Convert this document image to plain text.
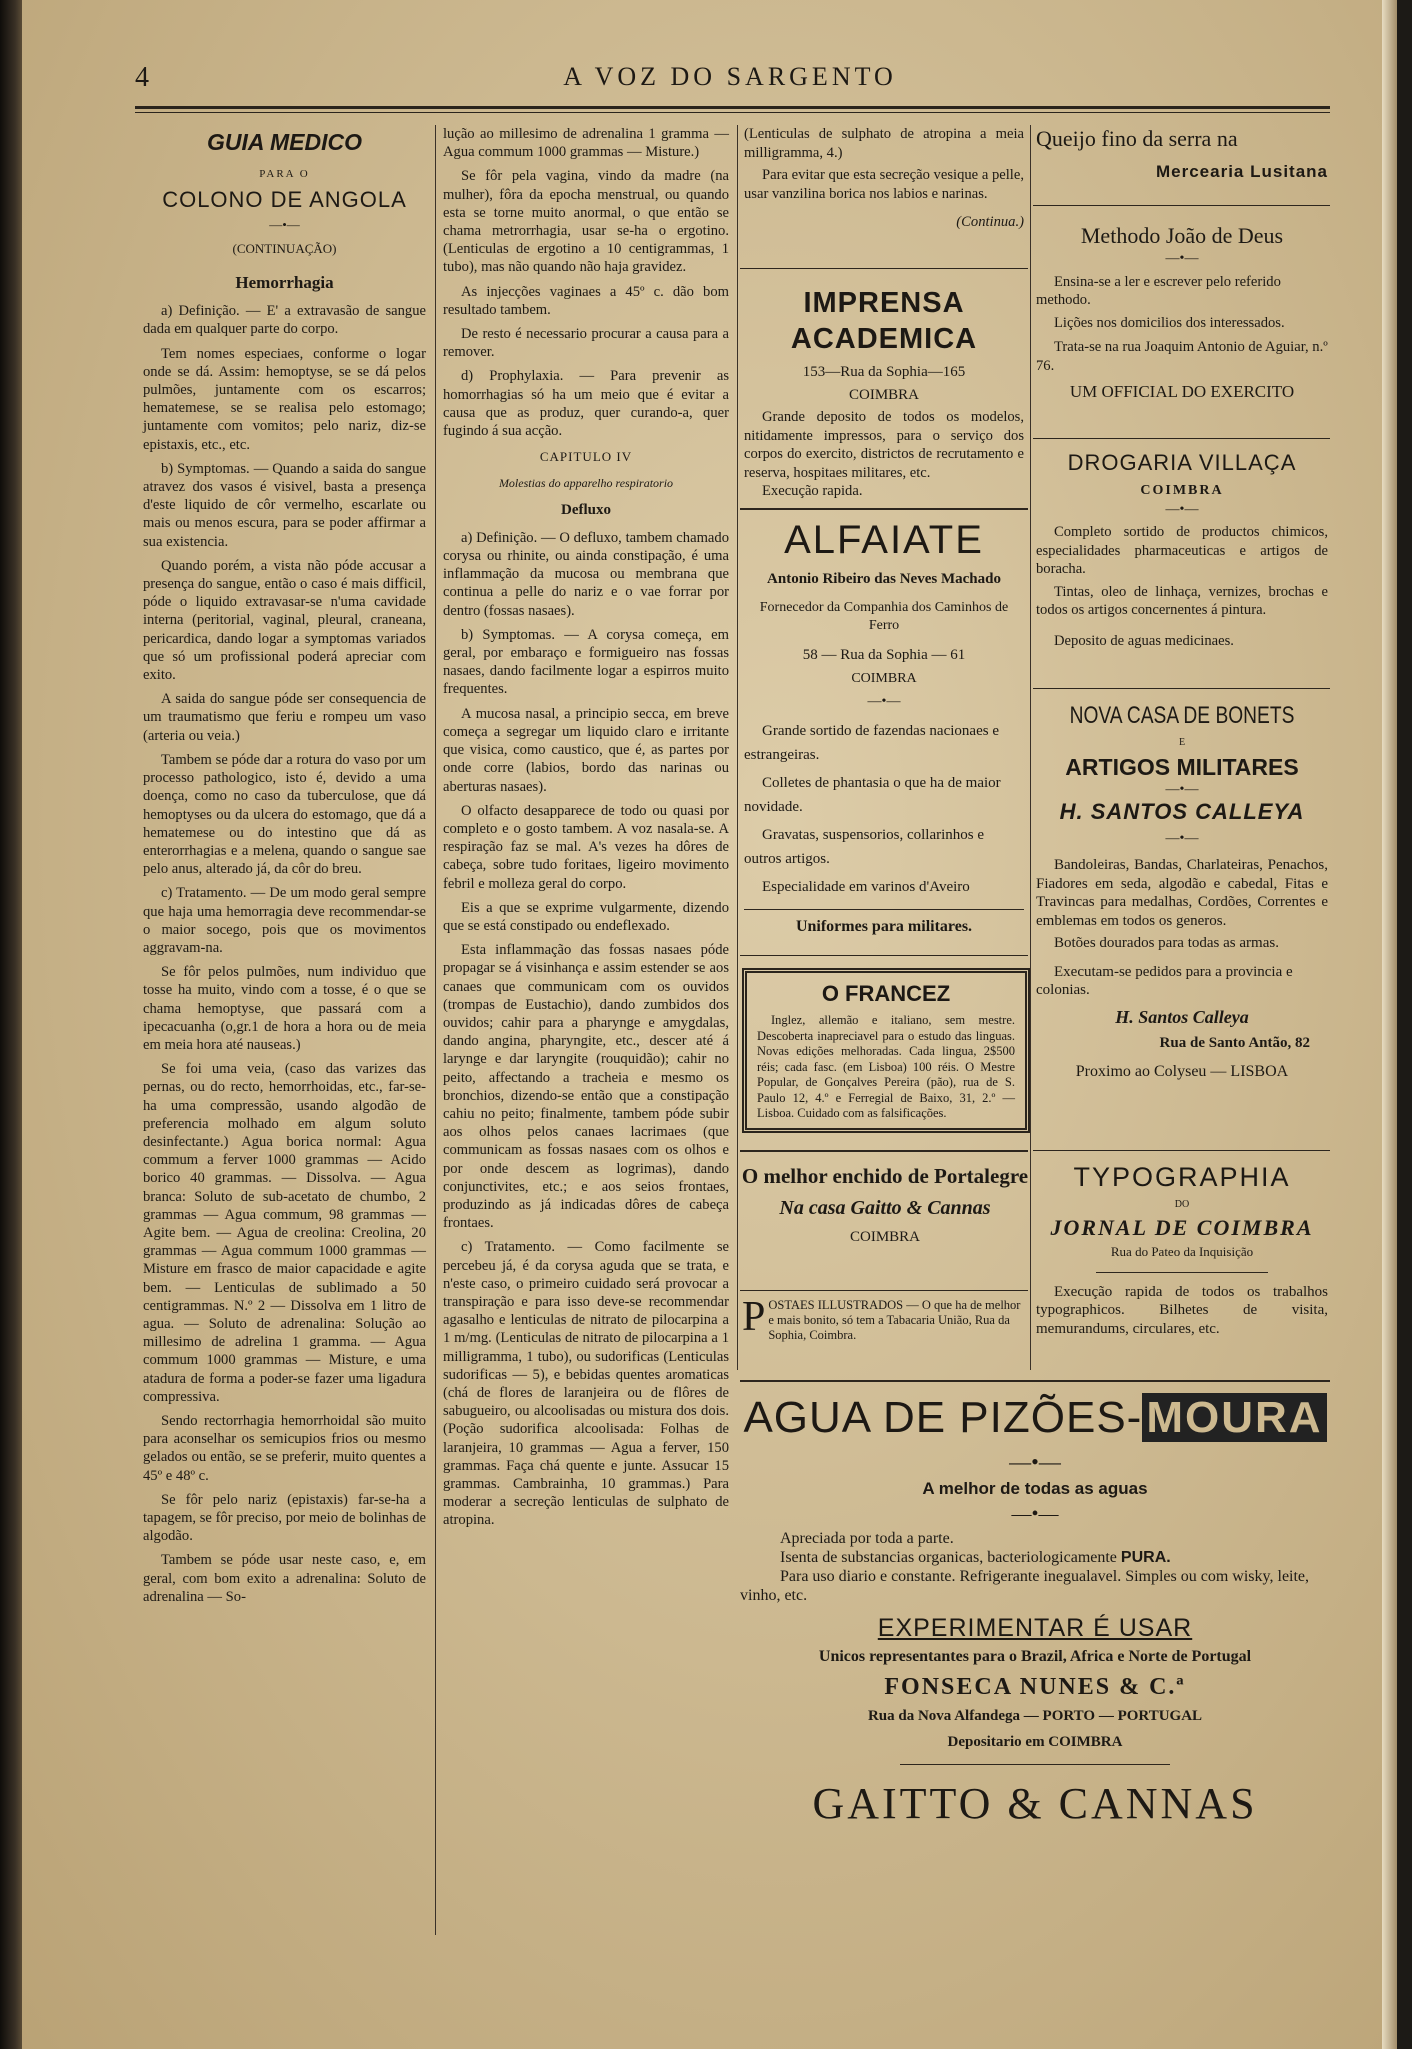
4	A VOZ DO SARGENTO
GUIA MEDICO
PARA O
COLONO DE ANGOLA
—•—
(CONTINUAÇÃO)
Hemorrhagia

a) Definição. — E' a extravasão de sangue dada em qualquer parte do corpo.

Tem nomes especiaes, conforme o logar onde se dá. Assim: hemoptyse, se se dá pelos pulmões, juntamente com os escarros; hematemese, se se realisa pelo estomago; juntamente com vomitos; pelo nariz, diz-se epistaxis, etc., etc.

b) Symptomas. — Quando a saida do sangue atravez dos vasos é visivel, basta a presença d'este liquido de côr vermelho, escarlate ou mais ou menos escura, para se poder affirmar a sua existencia.

Quando porém, a vista não póde accusar a presença do sangue, então o caso é mais difficil, póde o liquido extravasar-se n'uma cavidade interna (peritorial, vaginal, pleural, craneana, pericardica, dando logar a symptomas variados que só um profissional poderá apreciar com exito.

A saida do sangue póde ser consequencia de um traumatismo que feriu e rompeu um vaso (arteria ou veia.)

Tambem se póde dar a rotura do vaso por um processo pathologico, isto é, devido a uma doença, como no caso da tuberculose, que dá hemoptyses ou da ulcera do estomago, que dá a hematemese ou do intestino que dá as enterorrhagias e a melena, quando o sangue sae pelo anus, alterado já, da côr do breu.

c) Tratamento. — De um modo geral sempre que haja uma hemorragia deve recommendar-se o maior socego, pois que os movimentos aggravam-na.

Se fôr pelos pulmões, num individuo que tosse ha muito, vindo com a tosse, é o que se chama hemoptyse, que passará com a ipecacuanha (o,gr.1 de hora a hora ou de meia em meia hora até nauseas.)

Se foi uma veia, (caso das varizes das pernas, ou do recto, hemorrhoidas, etc., far-se-ha uma compressão, usando algodão de preferencia molhado em algum soluto desinfectante.) Agua borica normal: Agua commum a ferver 1000 grammas — Acido borico 40 grammas. — Dissolva. — Agua branca: Soluto de sub-acetato de chumbo, 2 grammas — Agua commum, 98 grammas — Agite bem. — Agua de creolina: Creolina, 20 grammas — Agua commum 1000 grammas — Misture em frasco de maior capacidade e agite bem. — Lenticulas de sublimado a 50 centigrammas. N.º 2 — Dissolva em 1 litro de agua. — Soluto de adrenalina: Solução ao millesimo de adrelina 1 gramma. — Agua commum 1000 grammas — Misture, e uma atadura de forma a poder-se fazer uma ligadura compressiva.

Sendo rectorrhagia hemorrhoidal são muito para aconselhar os semicupios frios ou mesmo gelados ou então, se se preferir, muito quentes a 45º e 48º c.

Se fôr pelo nariz (epistaxis) far-se-ha a tapagem, se fôr preciso, por meio de bolinhas de algodão.

Tambem se póde usar neste caso, e, em geral, com bom exito a adrenalina: Soluto de adrenalina — So-

lução ao millesimo de adrenalina 1 gramma — Agua commum 1000 grammas — Misture.)

Se fôr pela vagina, vindo da madre (na mulher), fôra da epocha menstrual, ou quando esta se torne muito anormal, o que então se chama metrorrhagia, usar se-ha o ergotino. (Lenticulas de ergotino a 10 centigrammas, 1 tubo), mas não quando não haja gravidez.

As injecções vaginaes a 45º c. dão bom resultado tambem.

De resto é necessario procurar a causa para a remover.

d) Prophylaxia. — Para prevenir as homorrhagias só ha um meio que é evitar a causa que as produz, quer curando-a, quer fugindo á sua acção.

CAPITULO IV
Molestias do apparelho respiratorio
Defluxo

a) Definição. — O defluxo, tambem chamado corysa ou rhinite, ou ainda constipação, é uma inflammação da mucosa ou membrana que continua a pelle do nariz e o vae forrar por dentro (fossas nasaes).

b) Symptomas. — A corysa começa, em geral, por embaraço e formigueiro nas fossas nasaes, dando facilmente logar a espirros muito frequentes.

A mucosa nasal, a principio secca, em breve começa a segregar um liquido claro e irritante que visica, como caustico, que é, as partes por onde corre (labios, bordo das narinas ou aberturas nasaes).

O olfacto desapparece de todo ou quasi por completo e o gosto tambem. A voz nasala-se. A respiração faz se mal. A's vezes ha dôres de cabeça, sobre tudo foritaes, ligeiro movimento febril e molleza geral do corpo.

Eis a que se exprime vulgarmente, dizendo que se está constipado ou endeflexado.

Esta inflammação das fossas nasaes póde propagar se á visinhança e assim estender se aos canaes que communicam com os ouvidos (trompas de Eustachio), dando zumbidos dos ouvidos; cahir para a pharynge e amygdalas, dando angina, pharyngite, etc., descer até á larynge e dar laryngite (rouquidão); cahir no peito, affectando a tracheia e mesmo os bronchios, dizendo-se então que a constipação cahiu no peito; finalmente, tambem póde subir aos olhos pelos canaes lacrimaes (que communicam as fossas nasaes com os olhos e por onde descem as logrimas), dando conjunctivites, etc.; e aos seios frontaes, produzindo as já indicadas dôres de cabeça frontaes.

c) Tratamento. — Como facilmente se percebeu já, é da corysa aguda que se trata, e n'este caso, o primeiro cuidado será provocar a transpiração e para isso deve-se recommendar agasalho e lenticulas de nitrato de pilocarpina a 1 m/mg. (Lenticulas de nitrato de pilocarpina a 1 milligramma, 1 tubo), ou sudorificas (Lenticulas sudorificas — 5), e bebidas quentes aromaticas (chá de flores de laranjeira ou de flôres de sabugueiro, ou alcoolisadas ou mistura dos dois. (Poção sudorifica alcoolisada: Folhas de laranjeira, 10 grammas — Agua a ferver, 150 grammas. Faça chá quente e junte. Assucar 15 grammas. Cambrainha, 10 grammas.) Para moderar a secreção lenticulas de sulphato de atropina.

(Lenticulas de sulphato de atropina a meia milligramma, 4.)

Para evitar que esta secreção vesique a pelle, usar vanzilina borica nos labios e narinas.

(Continua.)

IMPRENSA ACADEMICA
153—Rua da Sophia—165
COIMBRA
Grande deposito de todos os modelos, nitidamente impressos, para o serviço dos corpos do exercito, districtos de recrutamento e reserva, hospitaes militares, etc.
Execução rapida.
ALFAIATE
Antonio Ribeiro das Neves Machado
Fornecedor da Companhia dos Caminhos de Ferro
58 — Rua da Sophia — 61
COIMBRA
—•—

Grande sortido de fazendas nacionaes e estrangeiras.

Colletes de phantasia o que ha de maior novidade.

Gravatas, suspensorios, collarinhos e outros artigos.

Especialidade em varinos d'Aveiro

Uniformes para militares.
O FRANCEZ
Inglez, allemão e italiano, sem mestre. Descoberta inapreciavel para o estudo das linguas. Novas edições melhoradas. Cada lingua, 2$500 réis; cada fasc. (em Lisboa) 100 réis. O Mestre Popular, de Gonçalves Pereira (pão), rua de S. Paulo 12, 4.º e Ferregial de Baixo, 31, 2.º — Lisboa. Cuidado com as falsificações.
O melhor enchido de Portalegre
Na casa Gaitto & Cannas
COIMBRA
P OSTAES ILLUSTRADOS — O que ha de melhor e mais bonito, só tem a Tabacaria União, Rua da Sophia, Coimbra.
Queijo fino da serra na
Mercearia Lusitana
Methodo João de Deus
—•—

Ensina-se a ler e escrever pelo referido methodo.

Lições nos domicilios dos interessados.

Trata-se na rua Joaquim Antonio de Aguiar, n.º 76.

UM OFFICIAL DO EXERCITO
DROGARIA VILLAÇA
COIMBRA
—•—

Completo sortido de productos chimicos, especialidades pharmaceuticas e artigos de boracha.

Tintas, oleo de linhaça, vernizes, brochas e todos os artigos concernentes á pintura.

Deposito de aguas medicinaes.

NOVA CASA DE BONETS
E
ARTIGOS MILITARES
—•—
H. SANTOS CALLEYA
—•—

Bandoleiras, Bandas, Charlateiras, Penachos, Fiadores em seda, algodão e cabedal, Fitas e Travincas para medalhas, Cordões, Correntes e emblemas em todos os generos.

Botões dourados para todas as armas.

Executam-se pedidos para a provincia e colonias.

H. Santos Calleya
Rua de Santo Antão, 82
Proximo ao Colyseu — LISBOA
TYPOGRAPHIA
DO
JORNAL DE COIMBRA
Rua do Pateo da Inquisição

Execução rapida de todos os trabalhos typographicos. Bilhetes de visita, memurandums, circulares, etc.

AGUA DE PIZÕES-MOURA
—•—
A melhor de todas as aguas
—•—
Apreciada por toda a parte.
Isenta de substancias organicas, bacteriologicamente PURA.
Para uso diario e constante. Refrigerante inegualavel. Simples ou com wisky, leite, vinho, etc.
EXPERIMENTAR É USAR
Unicos representantes para o Brazil, Africa e Norte de Portugal
FONSECA NUNES & C.ª
Rua da Nova Alfandega — PORTO — PORTUGAL
Depositario em COIMBRA
GAITTO & CANNAS
